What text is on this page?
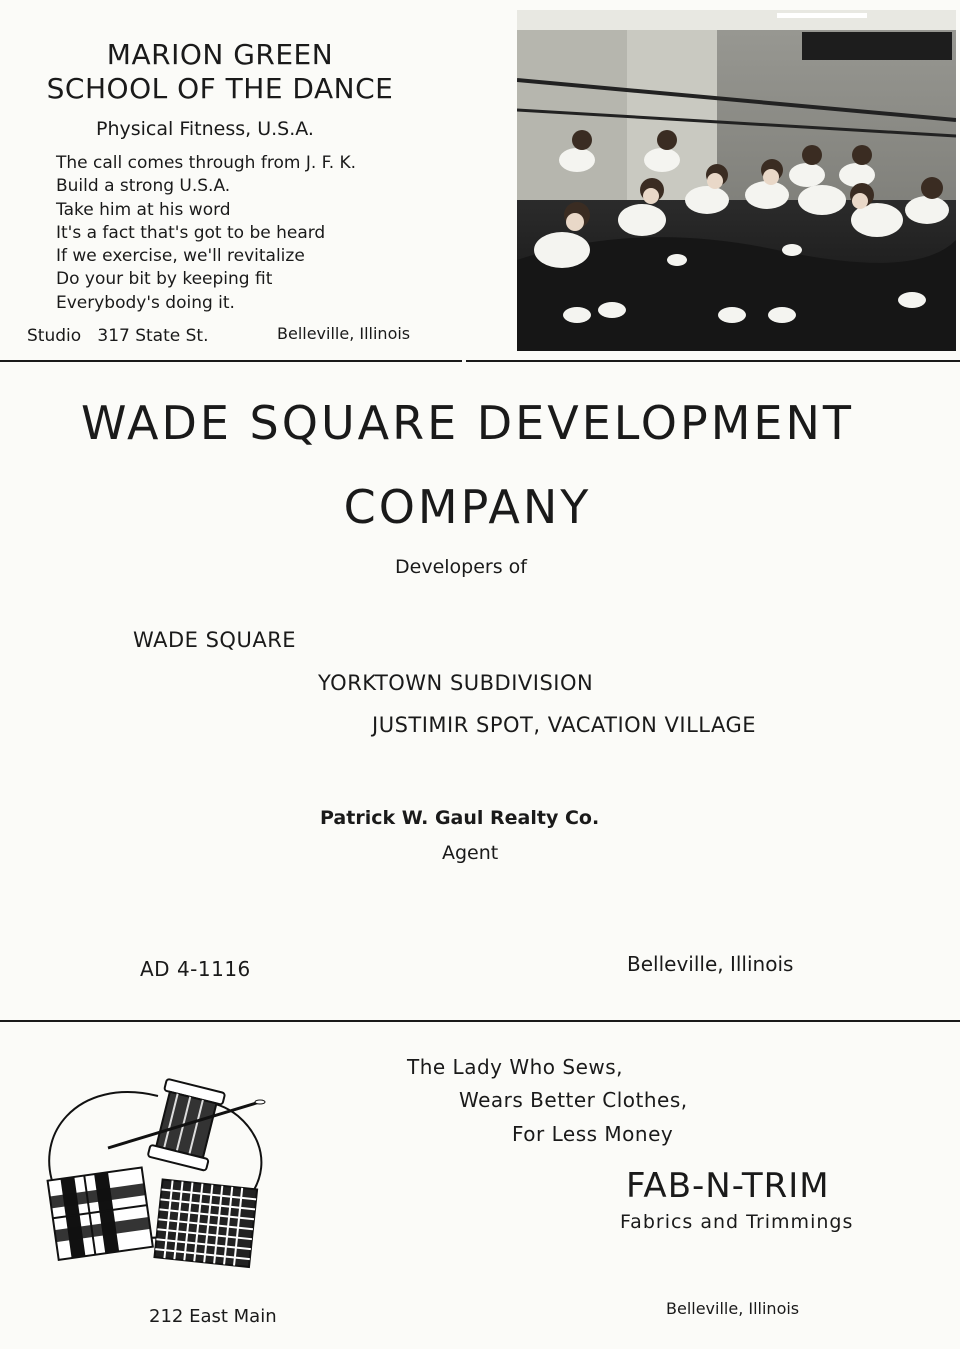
MARION GREEN
SCHOOL OF THE DANCE
Physical Fitness, U.S.A.
The call comes through from J. F. K.
Build a strong U.S.A.
Take him at his word
It's a fact that's got to be heard
If we exercise, we'll revitalize
Do your bit by keeping fit
Everybody's doing it.
Studio 317 State St.	Belleville, Illinois
WADE SQUARE DEVELOPMENT
COMPANY
Developers of
WADE SQUARE
YORKTOWN SUBDIVISION
JUSTIMIR SPOT, VACATION VILLAGE
Patrick W. Gaul Realty Co.
Agent
AD 4-1116	Belleville, Illinois
The Lady Who Sews,
Wears Better Clothes,
For Less Money
FAB-N-TRIM
Fabrics and Trimmings
212 East Main	Belleville, Illinois
